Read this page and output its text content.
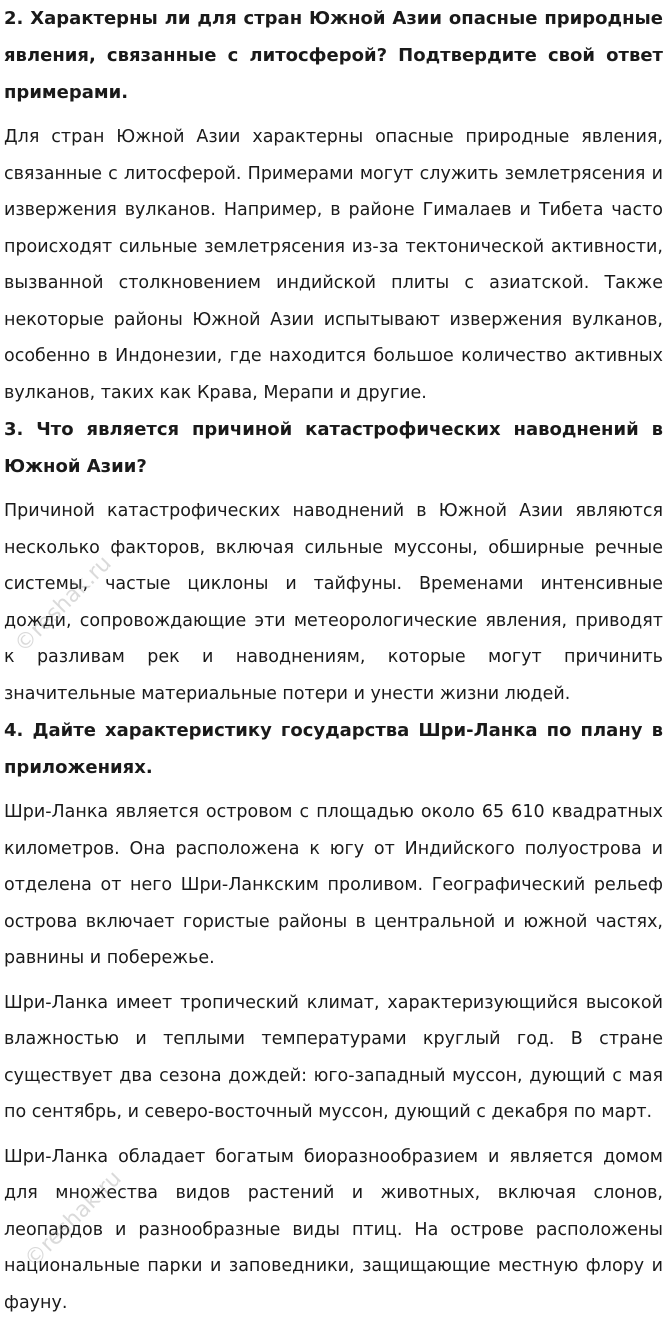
2. Характерны ли для стран Южной Азии опасные природные явления, связанные с литосферой? Подтвердите свой ответ примерами.

Для стран Южной Азии характерны опасные природные явления, связанные с литосферой. Примерами могут служить землетрясения и извержения вулканов. Например, в районе Гималаев и Тибета часто происходят сильные землетрясения из-за тектонической активности, вызванной столкновением индийской плиты с азиатской. Также некоторые районы Южной Азии испытывают извержения вулканов, особенно в Индонезии, где находится большое количество активных вулканов, таких как Крава, Мерапи и другие.

3. Что является причиной катастрофических наводнений в Южной Азии?

Причиной катастрофических наводнений в Южной Азии являются несколько факторов, включая сильные муссоны, обширные речные системы, частые циклоны и тайфуны. Временами интенсивные дожди, сопровождающие эти метеорологические явления, приводят к разливам рек и наводнениям, которые могут причинить значительные материальные потери и унести жизни людей.

4. Дайте характеристику государства Шри-Ланка по плану в приложениях.

Шри-Ланка является островом с площадью около 65 610 квадратных километров. Она расположена к югу от Индийского полуострова и отделена от него Шри-Ланкским проливом. Географический рельеф острова включает гористые районы в центральной и южной частях, равнины и побережье.

Шри-Ланка имеет тропический климат, характеризующийся высокой влажностью и теплыми температурами круглый год. В стране существует два сезона дождей: юго-западный муссон, дующий с мая по сентябрь, и северо-восточный муссон, дующий с декабря по март.

Шри-Ланка обладает богатым биоразнообразием и является домом для множества видов растений и животных, включая слонов, леопардов и разнообразные виды птиц. На острове расположены национальные парки и заповедники, защищающие местную флору и фауну.

©reshak.ru
©reshak.ru
